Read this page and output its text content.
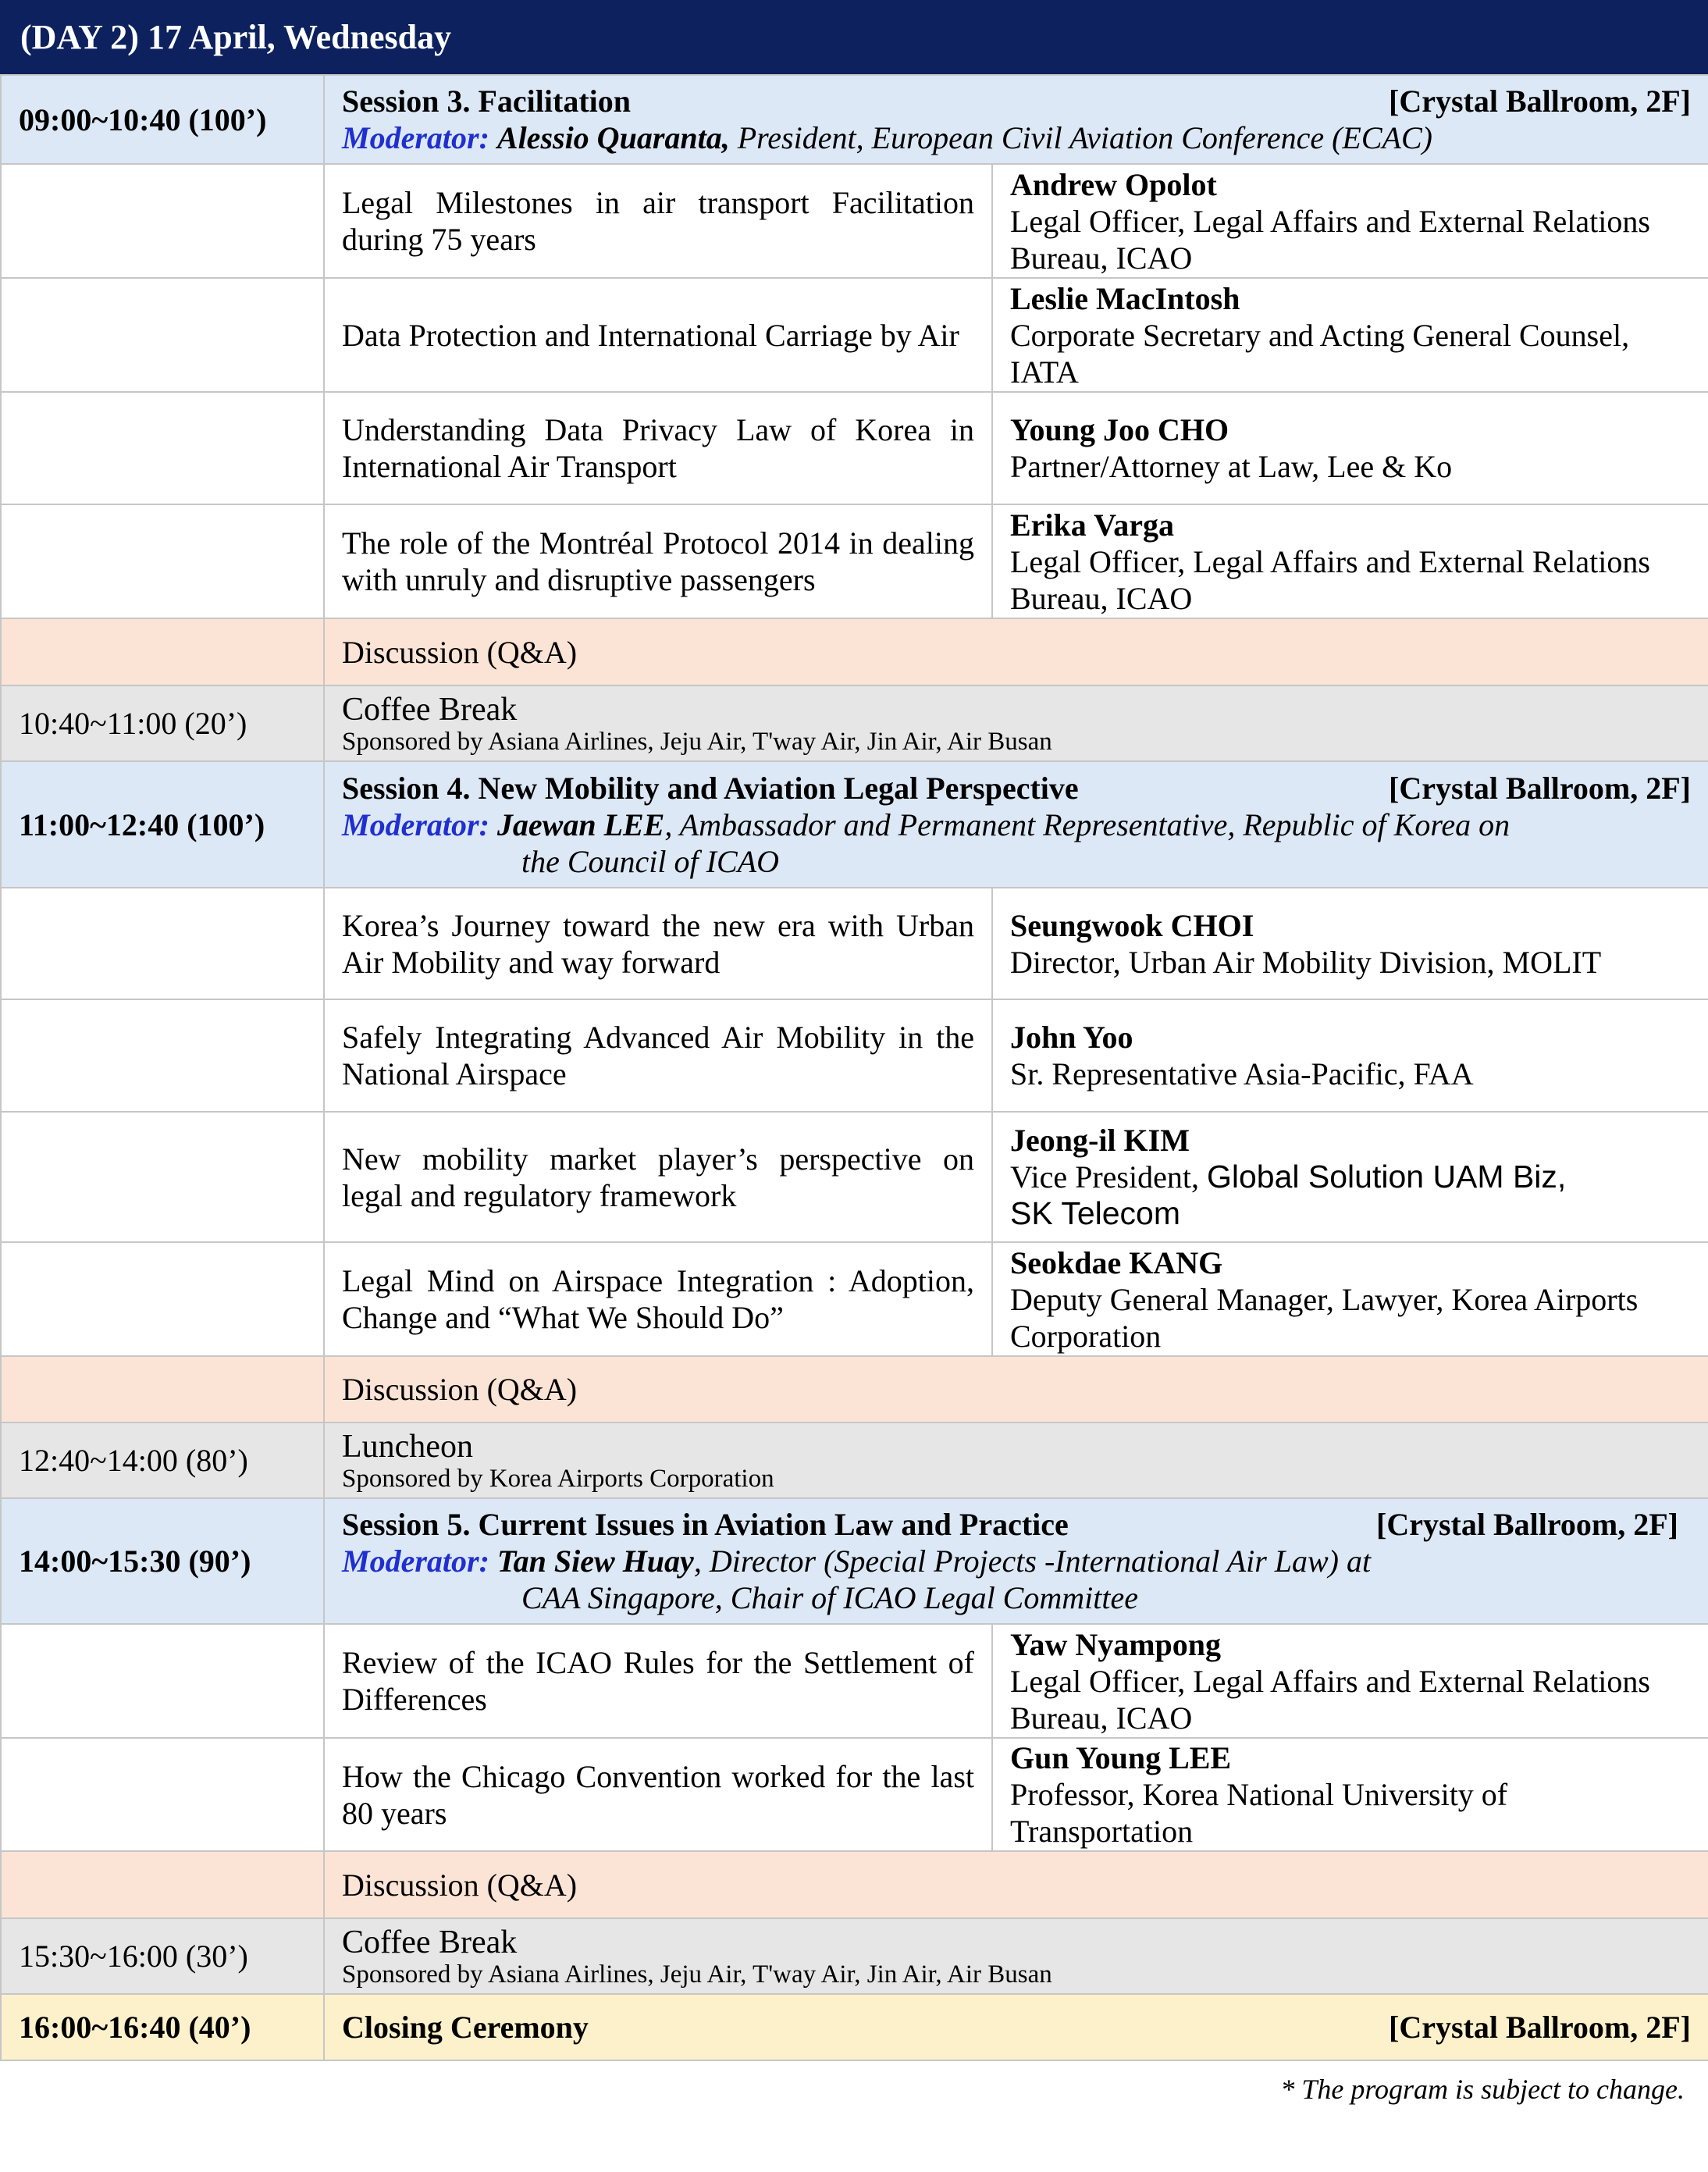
(DAY 2) 17 April, Wednesday
09:00~10:40 (100’)	Session 3. Facilitation [Crystal Ballroom, 2F]
Moderator: Alessio Quaranta, President, European Civil Aviation Conference (ECAC)	

	Legal Milestones in air transport Facilitation during 75 years	Andrew Opolot
Legal Officer, Legal Affairs and External Relations Bureau, ICAO

	Data Protection and International Carriage by Air	Leslie MacIntosh
Corporate Secretary and Acting General Counsel, IATA

	Understanding Data Privacy Law of Korea in International Air Transport	Young Joo CHO
Partner/Attorney at Law, Lee & Ko

	The role of the Montréal Protocol 2014 in dealing with unruly and disruptive passengers	Erika Varga
Legal Officer, Legal Affairs and External Relations Bureau, ICAO

	Discussion (Q&A)	
10:40~11:00 (20’)	Coffee Break
Sponsored by Asiana Airlines, Jeju Air, T'way Air, Jin Air, Air Busan	

11:00~12:40 (100’)	Session 4. New Mobility and Aviation Legal Perspective [Crystal Ballroom, 2F]
Moderator: Jaewan LEE, Ambassador and Permanent Representative, Republic of Korea on
the Council of ICAO	

	Korea’s Journey toward the new era with Urban Air Mobility and way forward	Seungwook CHOI
Director, Urban Air Mobility Division, MOLIT

	Safely Integrating Advanced Air Mobility in the National Airspace	John Yoo
Sr. Representative Asia-Pacific, FAA

	New mobility market player’s perspective on legal and regulatory framework	Jeong-il KIM
Vice President, Global Solution UAM Biz,
SK Telecom

	Legal Mind on Airspace Integration : Adoption, Change and “What We Should Do”	Seokdae KANG
Deputy General Manager, Lawyer, Korea Airports Corporation

	Discussion (Q&A)	
12:40~14:00 (80’)	Luncheon
Sponsored by Korea Airports Corporation	

14:00~15:30 (90’)	Session 5. Current Issues in Aviation Law and Practice [Crystal Ballroom, 2F]
Moderator: Tan Siew Huay, Director (Special Projects -International Air Law) at
CAA Singapore, Chair of ICAO Legal Committee	

	Review of the ICAO Rules for the Settlement of Differences	Yaw Nyampong
Legal Officer, Legal Affairs and External Relations Bureau, ICAO

	How the Chicago Convention worked for the last 80 years	Gun Young LEE
Professor, Korea National University of Transportation

	Discussion (Q&A)	
15:30~16:00 (30’)	Coffee Break
Sponsored by Asiana Airlines, Jeju Air, T'way Air, Jin Air, Air Busan	

16:00~16:40 (40’)	Closing Ceremony [Crystal Ballroom, 2F]	
* The program is subject to change.
